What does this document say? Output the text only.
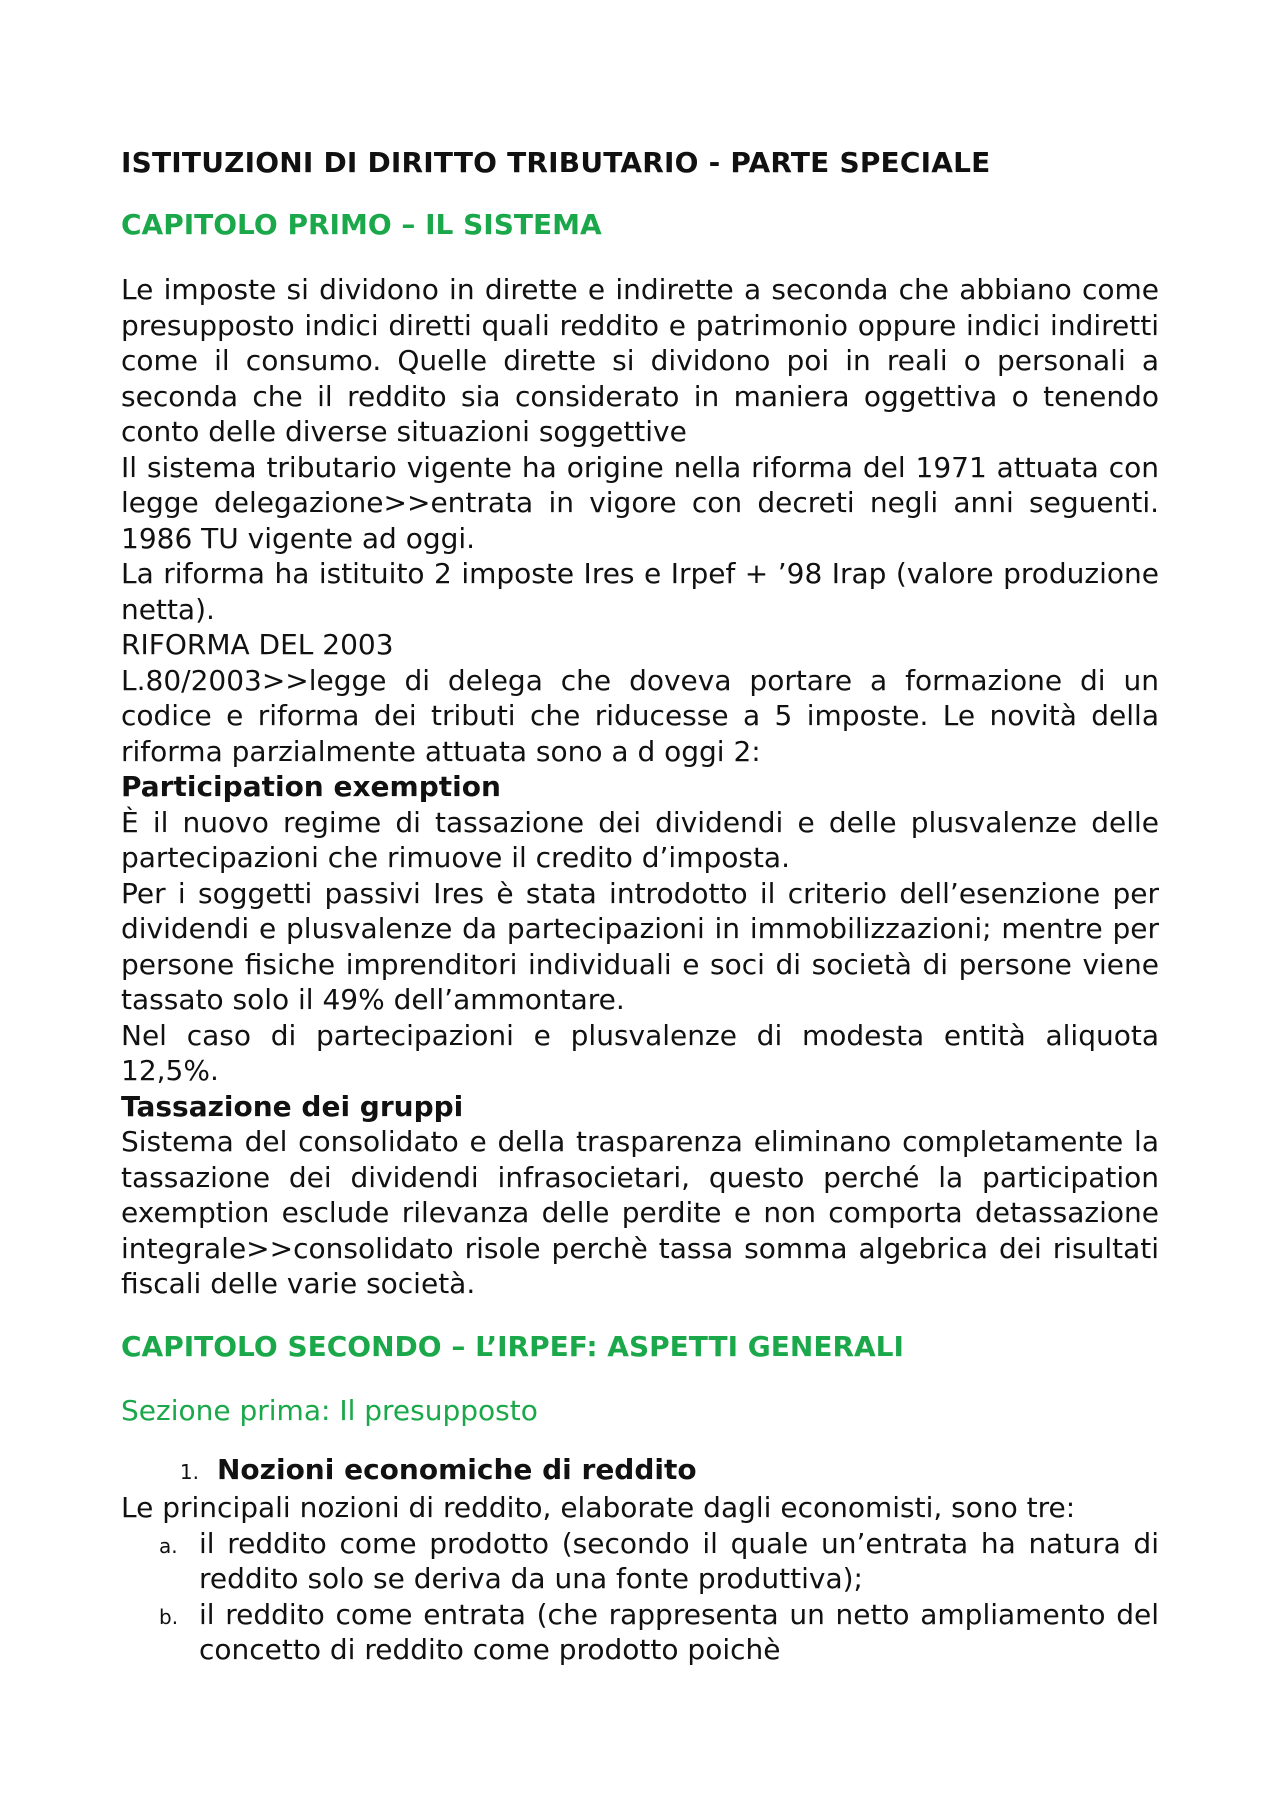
ISTITUZIONI DI DIRITTO TRIBUTARIO - PARTE SPECIALE
CAPITOLO PRIMO – IL SISTEMA

Le imposte si dividono in dirette e indirette a seconda che abbiano come presupposto indici diretti quali reddito e patrimonio oppure indici indiretti come il consumo. Quelle dirette si dividono poi in reali o personali a seconda che il reddito sia considerato in maniera oggettiva o tenendo conto delle diverse situazioni soggettive

Il sistema tributario vigente ha origine nella riforma del 1971 attuata con legge delegazione>>entrata in vigore con decreti negli anni seguenti. 1986 TU vigente ad oggi.

La riforma ha istituito 2 imposte Ires e Irpef + ’98 Irap (valore produzione netta).

RIFORMA DEL 2003

L.80/2003>>legge di delega che doveva portare a formazione di un codice e riforma dei tributi che riducesse a 5 imposte. Le novità della riforma parzialmente attuata sono a d oggi 2:

Participation exemption

È il nuovo regime di tassazione dei dividendi e delle plusvalenze delle partecipazioni che rimuove il credito d’imposta.

Per i soggetti passivi Ires è stata introdotto il criterio dell’esenzione per dividendi e plusvalenze da partecipazioni in immobilizzazioni; mentre per persone fisiche imprenditori individuali e soci di società di persone viene tassato solo il 49% dell’ammontare.

Nel caso di partecipazioni e plusvalenze di modesta entità aliquota 12,5%.

Tassazione dei gruppi

Sistema del consolidato e della trasparenza eliminano completamente la tassazione dei dividendi infrasocietari, questo perché la participation exemption esclude rilevanza delle perdite e non comporta detassazione integrale>>consolidato risole perchè tassa somma algebrica dei risultati fiscali delle varie società.

CAPITOLO SECONDO – L’IRPEF: ASPETTI GENERALI
Sezione prima: Il presupposto
1. Nozioni economiche di reddito

Le principali nozioni di reddito, elaborate dagli economisti, sono tre:

a. il reddito come prodotto (secondo il quale un’entrata ha natura di reddito solo se deriva da una fonte produttiva);
b. il reddito come entrata (che rappresenta un netto ampliamento del concetto di reddito come prodotto poichè
